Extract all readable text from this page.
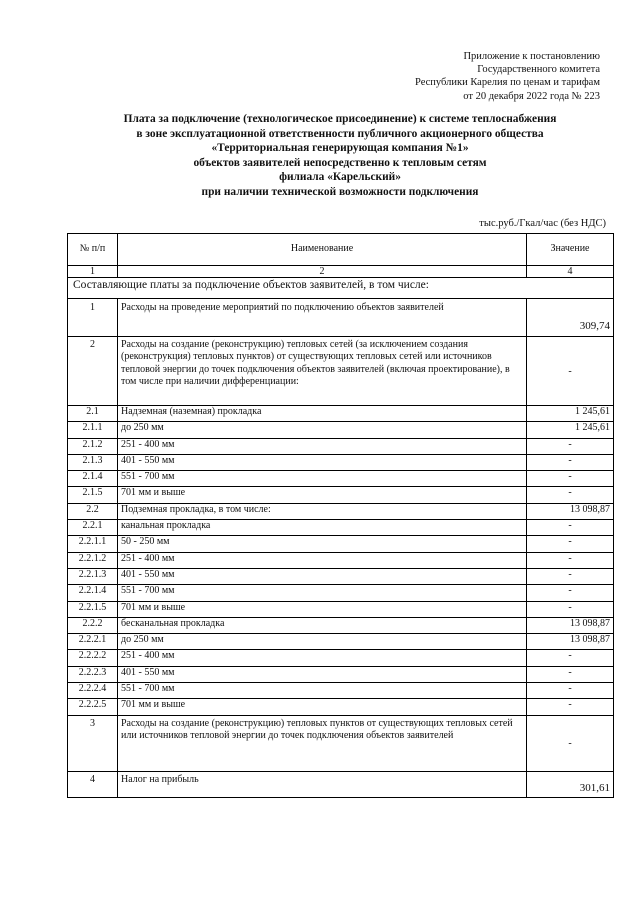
Приложение к постановлению
Государственного комитета
Республики Карелия по ценам и тарифам
от 20 декабря 2022 года № 223
Плата за подключение (технологическое присоединение) к системе теплоснабжения
в зоне эксплуатационной ответственности публичного акционерного общества
«Территориальная генерирующая компания №1»
объектов заявителей непосредственно к тепловым сетям
филиала «Карельский»
при наличии технической возможности подключения
тыс.руб./Гкал/час (без НДС)
№ п/п	Наименование	Значение
1	2	4
Составляющие платы за подключение объектов заявителей, в том числе:		
1	Расходы на проведение мероприятий по подключению объектов заявителей	309,74
2	Расходы на создание (реконструкцию) тепловых сетей (за исключением создания (реконструкция) тепловых пунктов) от существующих тепловых сетей или источников тепловой энергии до точек подключения объектов заявителей (включая проектирование), в том числе при наличии дифференциации:	-
2.1	Надземная (наземная) прокладка	1 245,61
2.1.1	до 250 мм	1 245,61
2.1.2	251 - 400 мм	-
2.1.3	401 - 550 мм	-
2.1.4	551 - 700 мм	-
2.1.5	701 мм и выше	-
2.2	Подземная прокладка, в том числе:	13 098,87
2.2.1	канальная прокладка	-
2.2.1.1	50 - 250 мм	-
2.2.1.2	251 - 400 мм	-
2.2.1.3	401 - 550 мм	-
2.2.1.4	551 - 700 мм	-
2.2.1.5	701 мм и выше	-
2.2.2	бесканальная прокладка	13 098,87
2.2.2.1	до 250 мм	13 098,87
2.2.2.2	251 - 400 мм	-
2.2.2.3	401 - 550 мм	-
2.2.2.4	551 - 700 мм	-
2.2.2.5	701 мм и выше	-
3	Расходы на создание (реконструкцию) тепловых пунктов от существующих тепловых сетей или источников тепловой энергии до точек подключения объектов заявителей	-
4	Налог на прибыль	301,61
